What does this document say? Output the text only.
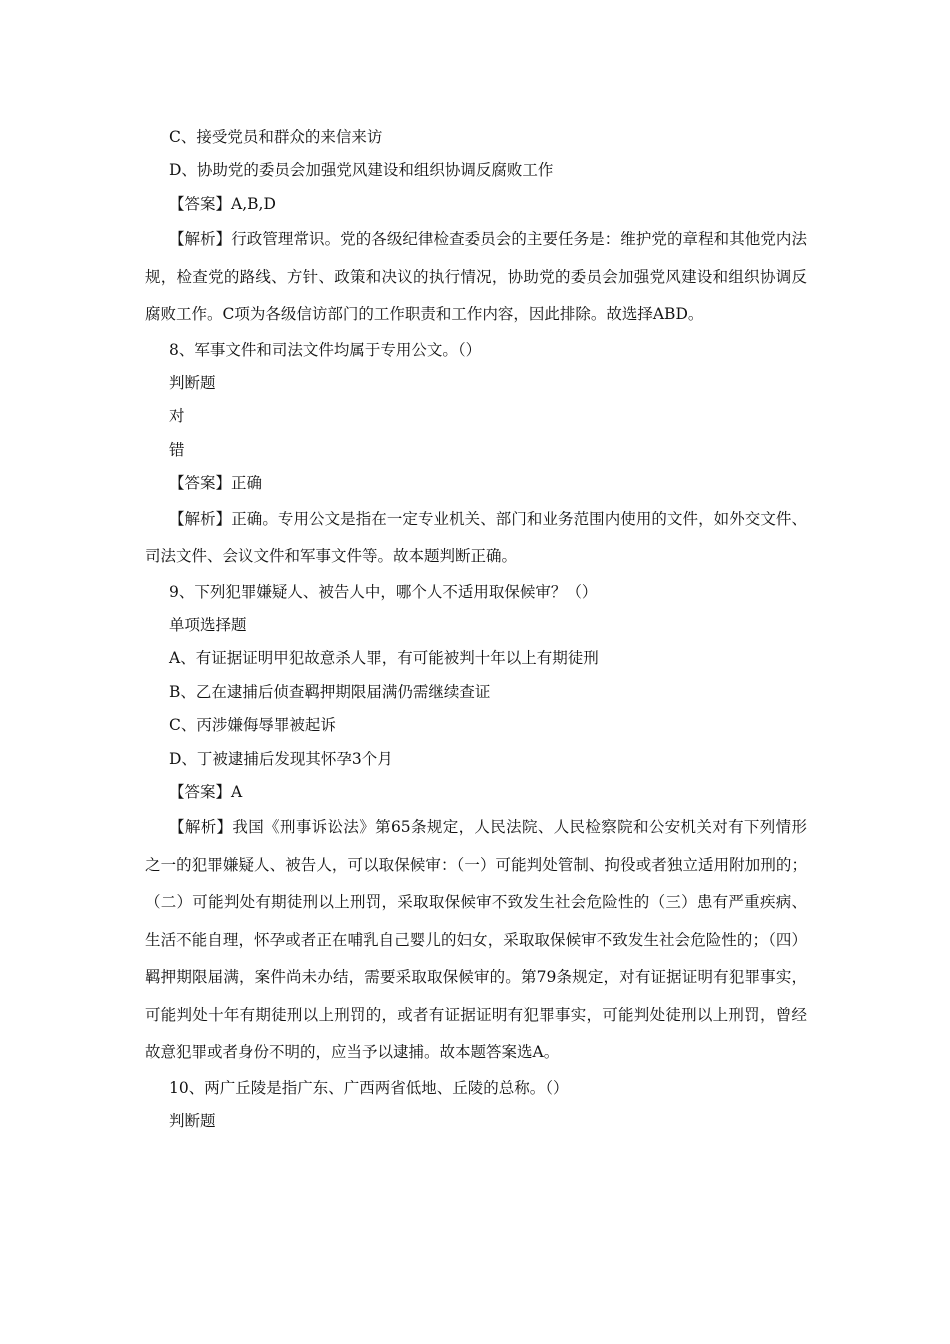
C、接受党员和群众的来信来访
D、协助党的委员会加强党风建设和组织协调反腐败工作
【答案】A,B,D

【解析】行政管理常识。党的各级纪律检查委员会的主要任务是：维护党的章程和其他党内法规，检查党的路线、方针、政策和决议的执行情况，协助党的委员会加强党风建设和组织协调反腐败工作。C项为各级信访部门的工作职责和工作内容，因此排除。故选择ABD。

8、军事文件和司法文件均属于专用公文。（）
判断题
对
错
【答案】正确

【解析】正确。专用公文是指在一定专业机关、部门和业务范围内使用的文件，如外交文件、司法文件、会议文件和军事文件等。故本题判断正确。

9、下列犯罪嫌疑人、被告人中，哪个人不适用取保候审？（）
单项选择题
A、有证据证明甲犯故意杀人罪，有可能被判十年以上有期徒刑
B、乙在逮捕后侦查羁押期限届满仍需继续查证
C、丙涉嫌侮辱罪被起诉
D、丁被逮捕后发现其怀孕3个月
【答案】A

【解析】我国《刑事诉讼法》第65条规定，人民法院、人民检察院和公安机关对有下列情形之一的犯罪嫌疑人、被告人，可以取保候审：（一）可能判处管制、拘役或者独立适用附加刑的；（二）可能判处有期徒刑以上刑罚，采取取保候审不致发生社会危险性的（三）患有严重疾病、生活不能自理，怀孕或者正在哺乳自己婴儿的妇女，采取取保候审不致发生社会危险性的；（四）羁押期限届满，案件尚未办结，需要采取取保候审的。第79条规定，对有证据证明有犯罪事实，可能判处十年有期徒刑以上刑罚的，或者有证据证明有犯罪事实，可能判处徒刑以上刑罚，曾经故意犯罪或者身份不明的，应当予以逮捕。故本题答案选A。

10、两广丘陵是指广东、广西两省低地、丘陵的总称。（）
判断题
